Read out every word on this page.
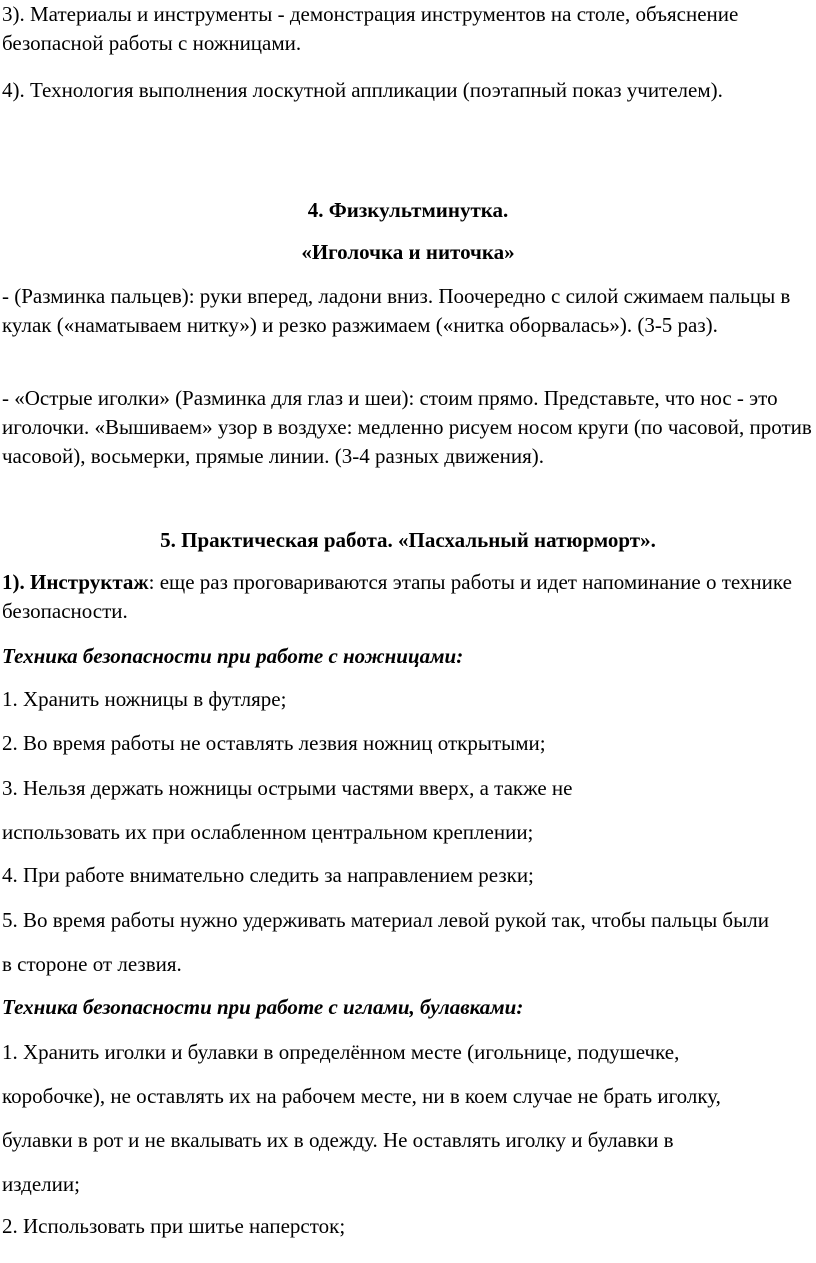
3). Материалы и инструменты - демонстрация инструментов на столе, объяснение безопасной работы с ножницами.
4). Технология выполнения лоскутной аппликации (поэтапный показ учителем).
4. Физкультминутка.
«Иголочка и ниточка»
- (Разминка пальцев): руки вперед, ладони вниз. Поочередно с силой сжимаем пальцы в кулак («наматываем нитку») и резко разжимаем («нитка оборвалась»). (3-5 раз).
- «Острые иголки» (Разминка для глаз и шеи): стоим прямо. Представьте, что нос - это иголочки. «Вышиваем» узор в воздухе: медленно рисуем носом круги (по часовой, против часовой), восьмерки, прямые линии. (3-4 разных движения).
5. Практическая работа. «Пасхальный натюрморт».
1). Инструктаж: еще раз проговариваются этапы работы и идет напоминание о технике безопасности.
Техника безопасности при работе с ножницами:
1. Хранить ножницы в футляре;
2. Во время работы не оставлять лезвия ножниц открытыми;
3. Нельзя держать ножницы острыми частями вверх, а также не использовать их при ослабленном центральном креплении;
4. При работе внимательно следить за направлением резки;
5. Во время работы нужно удерживать материал левой рукой так, чтобы пальцы были в стороне от лезвия.
Техника безопасности при работе с иглами, булавками:
1. Хранить иголки и булавки в определённом месте (игольнице, подушечке, коробочке), не оставлять их на рабочем месте, ни в коем случае не брать иголку, булавки в рот и не вкалывать их в одежду. Не оставлять иголку и булавки в изделии;
2. Использовать при шитье наперсток;
